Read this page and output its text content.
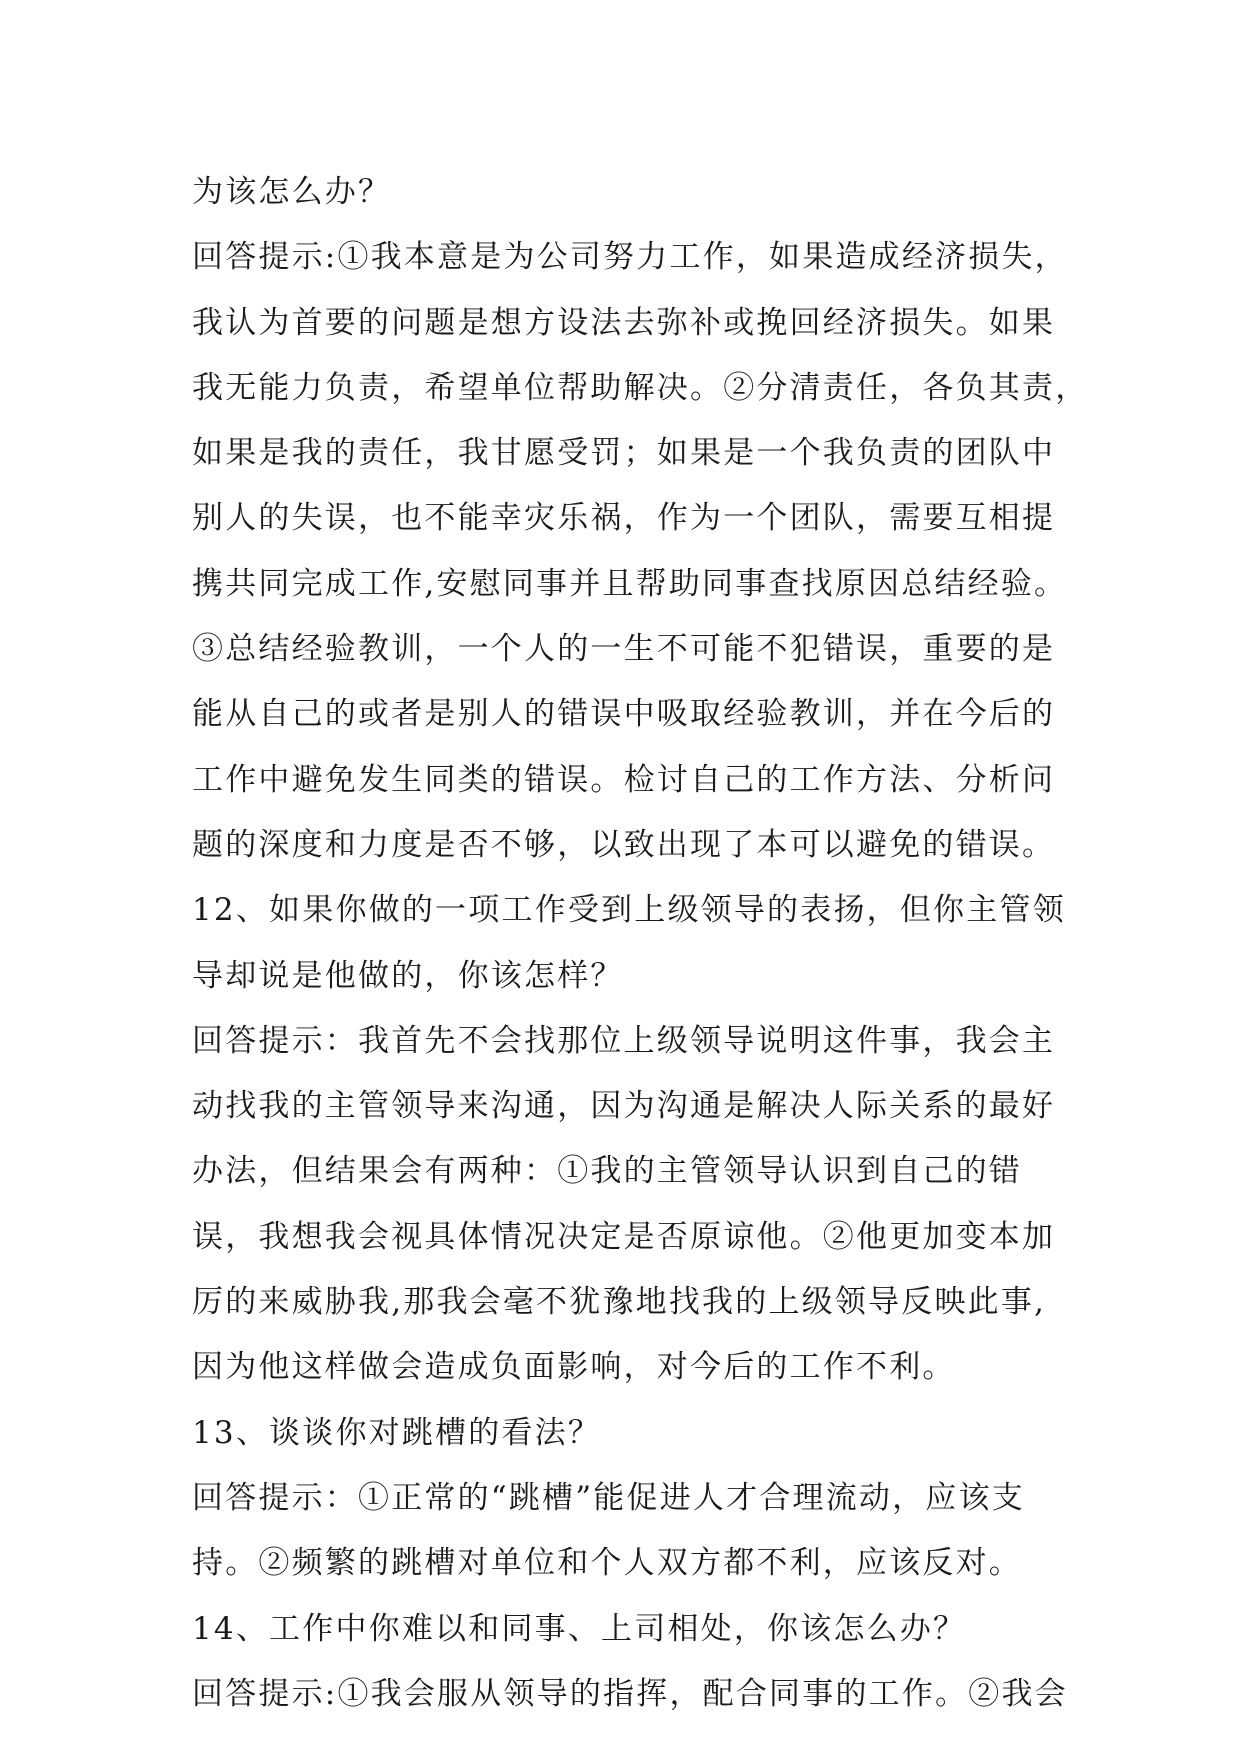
为该怎么办？
回答提示:①我本意是为公司努力工作，如果造成经济损失，
我认为首要的问题是想方设法去弥补或挽回经济损失。如果
我无能力负责，希望单位帮助解决。②分清责任，各负其责，
如果是我的责任，我甘愿受罚；如果是一个我负责的团队中
别人的失误，也不能幸灾乐祸，作为一个团队，需要互相提
携共同完成工作,安慰同事并且帮助同事查找原因总结经验。
③总结经验教训，一个人的一生不可能不犯错误，重要的是
能从自己的或者是别人的错误中吸取经验教训，并在今后的
工作中避免发生同类的错误。检讨自己的工作方法、分析问
题的深度和力度是否不够，以致出现了本可以避免的错误。
12、如果你做的一项工作受到上级领导的表扬，但你主管领
导却说是他做的，你该怎样？
回答提示：我首先不会找那位上级领导说明这件事，我会主
动找我的主管领导来沟通，因为沟通是解决人际关系的最好
办法，但结果会有两种：①我的主管领导认识到自己的错
误，我想我会视具体情况决定是否原谅他。②他更加变本加
厉的来威胁我,那我会毫不犹豫地找我的上级领导反映此事,
因为他这样做会造成负面影响，对今后的工作不利。
13、谈谈你对跳槽的看法？
回答提示：①正常的“跳槽”能促进人才合理流动，应该支
持。②频繁的跳槽对单位和个人双方都不利，应该反对。
14、工作中你难以和同事、上司相处，你该怎么办？
回答提示:①我会服从领导的指挥，配合同事的工作。②我会
